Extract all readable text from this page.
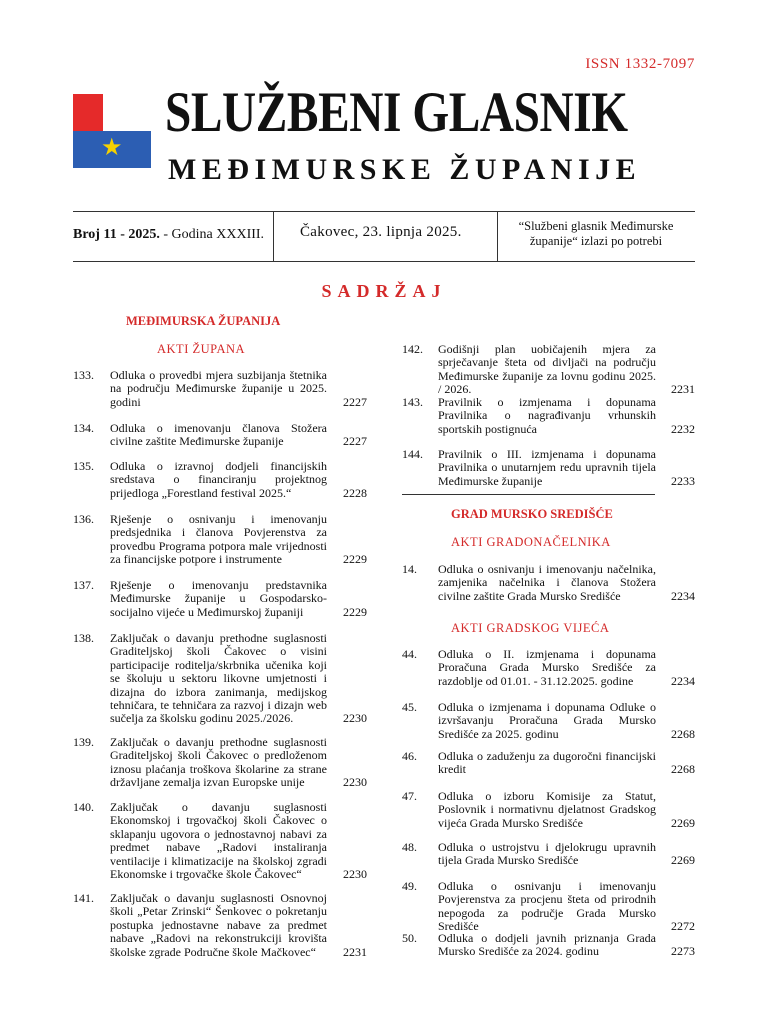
ISSN 1332-7097
★
SLUŽBENI GLASNIK
MEĐIMURSKE ŽUPANIJE
Broj 11 - 2025. - Godina XXXIII. Čakovec, 23. lipnja 2025.	“Službeni glasnik Međimurske županije“ izlazi po potrebi
SADRŽAJ
MEĐIMURSKA ŽUPANIJA
AKTI ŽUPANA
133. Odluka o provedbi mjera suzbijanja štetnika na području Međimurske županije u 2025. godini	2227
134. Odluka o imenovanju članova Stožera civilne zaštite Međimurske županije	2227
135. Odluka o izravnoj dodjeli financijskih sredstava o financiranju projektnog prijedloga „Forestland festival 2025.“	2228
136. Rješenje o osnivanju i imenovanju predsjednika i članova Povjerenstva za provedbu Programa potpora male vrijednosti za financijske potpore i instrumente	2229
137. Rješenje o imenovanju predstavnika Međimurske županije u Gospodarsko-socijalno vijeće u Međimurskoj županiji	2229
138. Zaključak o davanju prethodne suglasnosti Graditeljskoj školi Čakovec o visini participacije roditelja/skrbnika učenika koji se školuju u sektoru likovne umjetnosti i dizajna do izbora zanimanja, medijskog tehničara, te tehničara za razvoj i dizajn web sučelja za školsku godinu 2025./2026.	2230
139. Zaključak o davanju prethodne suglasnosti Graditeljskoj školi Čakovec o predloženom iznosu plaćanja troškova školarine za strane državljane zemalja izvan Europske unije	2230
140. Zaključak o davanju suglasnosti Ekonomskoj i trgovačkoj školi Čakovec o sklapanju ugovora o jednostavnoj nabavi za predmet nabave „Radovi instaliranja ventilacije i klimatizacije na školskoj zgradi Ekonomske i trgovačke škole Čakovec“	2230
141. Zaključak o davanju suglasnosti Osnovnoj školi „Petar Zrinski“ Šenkovec o pokretanju postupka jednostavne nabave za predmet nabave „Radovi na rekonstrukciji krovišta školske zgrade Područne škole Mačkovec“	2231
142. Godišnji plan uobičajenih mjera za sprječavanje šteta od divljači na području Međimurske županije za lovnu godinu 2025. / 2026.	2231
143. Pravilnik o izmjenama i dopunama Pravilnika o nagrađivanju vrhunskih sportskih postignuća	2232
144. Pravilnik o III. izmjenama i dopunama Pravilnika o unutarnjem redu upravnih tijela Međimurske županije	2233
GRAD MURSKO SREDIŠĆE
AKTI GRADONAČELNIKA
14. Odluka o osnivanju i imenovanju načelnika, zamjenika načelnika i članova Stožera civilne zaštite Grada Mursko Središće	2234
AKTI GRADSKOG VIJEĆA
44. Odluka o II. izmjenama i dopunama Proračuna Grada Mursko Središće za razdoblje od 01.01. - 31.12.2025. godine	2234
45. Odluka o izmjenama i dopunama Odluke o izvršavanju Proračuna Grada Mursko Središće za 2025. godinu	2268
46. Odluka o zaduženju za dugoročni financijski kredit	2268
47. Odluka o izboru Komisije za Statut, Poslovnik i normativnu djelatnost Gradskog vijeća Grada Mursko Središće	2269
48. Odluka o ustrojstvu i djelokrugu upravnih tijela Grada Mursko Središće	2269
49. Odluka o osnivanju i imenovanju Povjerenstva za procjenu šteta od prirodnih nepogoda za područje Grada Mursko Središće	2272
50. Odluka o dodjeli javnih priznanja Grada Mursko Središće za 2024. godinu	2273
